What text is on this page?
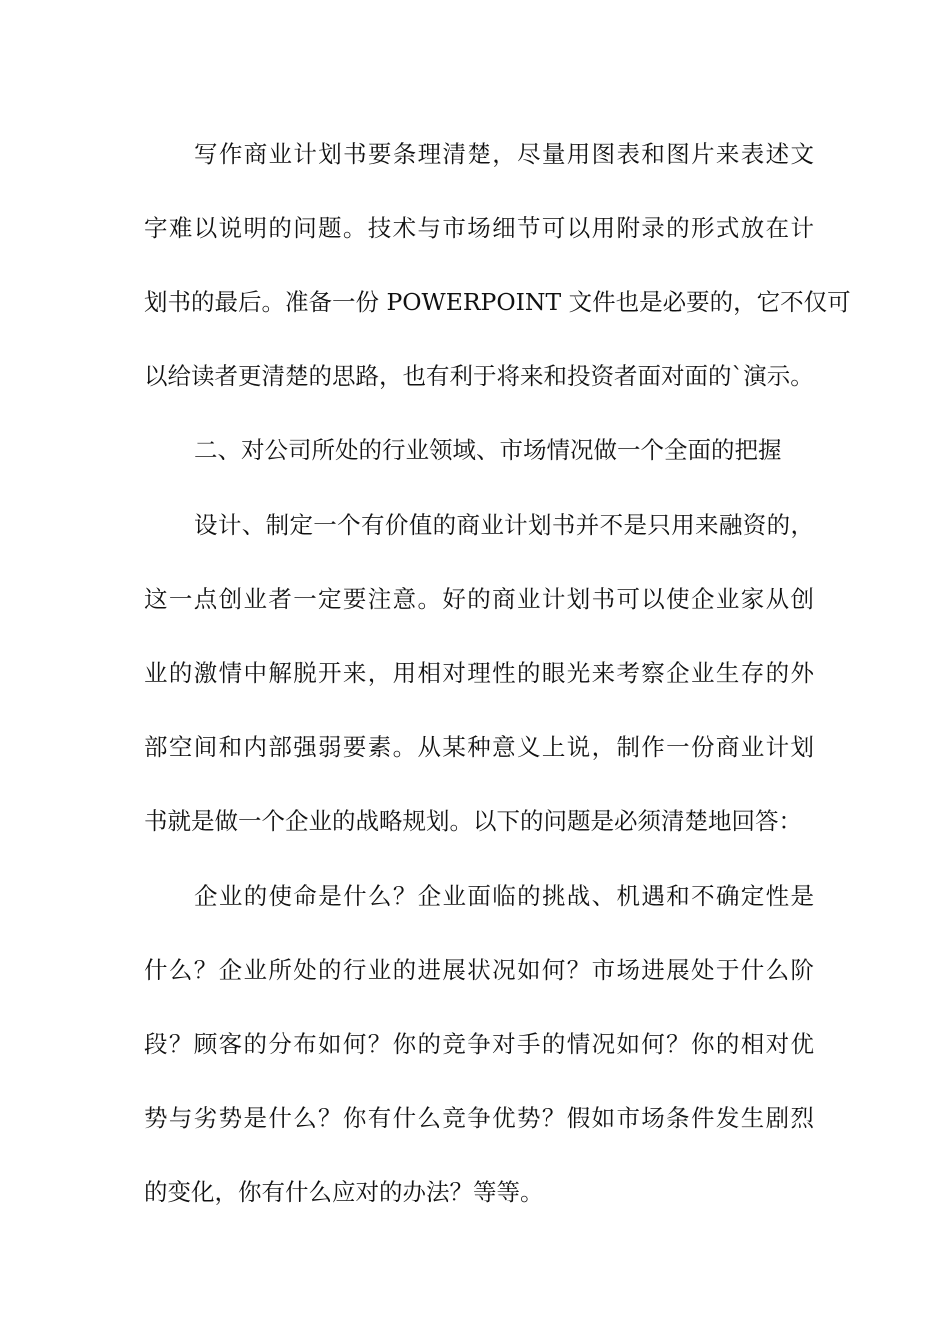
写作商业计划书要条理清楚，尽量用图表和图片来表述文
字难以说明的问题。技术与市场细节可以用附录的形式放在计
划书的最后。准备一份 POWERPOINT 文件也是必要的，它不仅可
以给读者更清楚的思路，也有利于将来和投资者面对面的`演示。
二、对公司所处的行业领域、市场情况做一个全面的把握
设计、制定一个有价值的商业计划书并不是只用来融资的，
这一点创业者一定要注意。好的商业计划书可以使企业家从创
业的激情中解脱开来，用相对理性的眼光来考察企业生存的外
部空间和内部强弱要素。从某种意义上说，制作一份商业计划
书就是做一个企业的战略规划。以下的问题是必须清楚地回答：
企业的使命是什么？企业面临的挑战、机遇和不确定性是
什么？企业所处的行业的进展状况如何？市场进展处于什么阶
段？顾客的分布如何？你的竞争对手的情况如何？你的相对优
势与劣势是什么？你有什么竞争优势？假如市场条件发生剧烈
的变化，你有什么应对的办法？等等。
